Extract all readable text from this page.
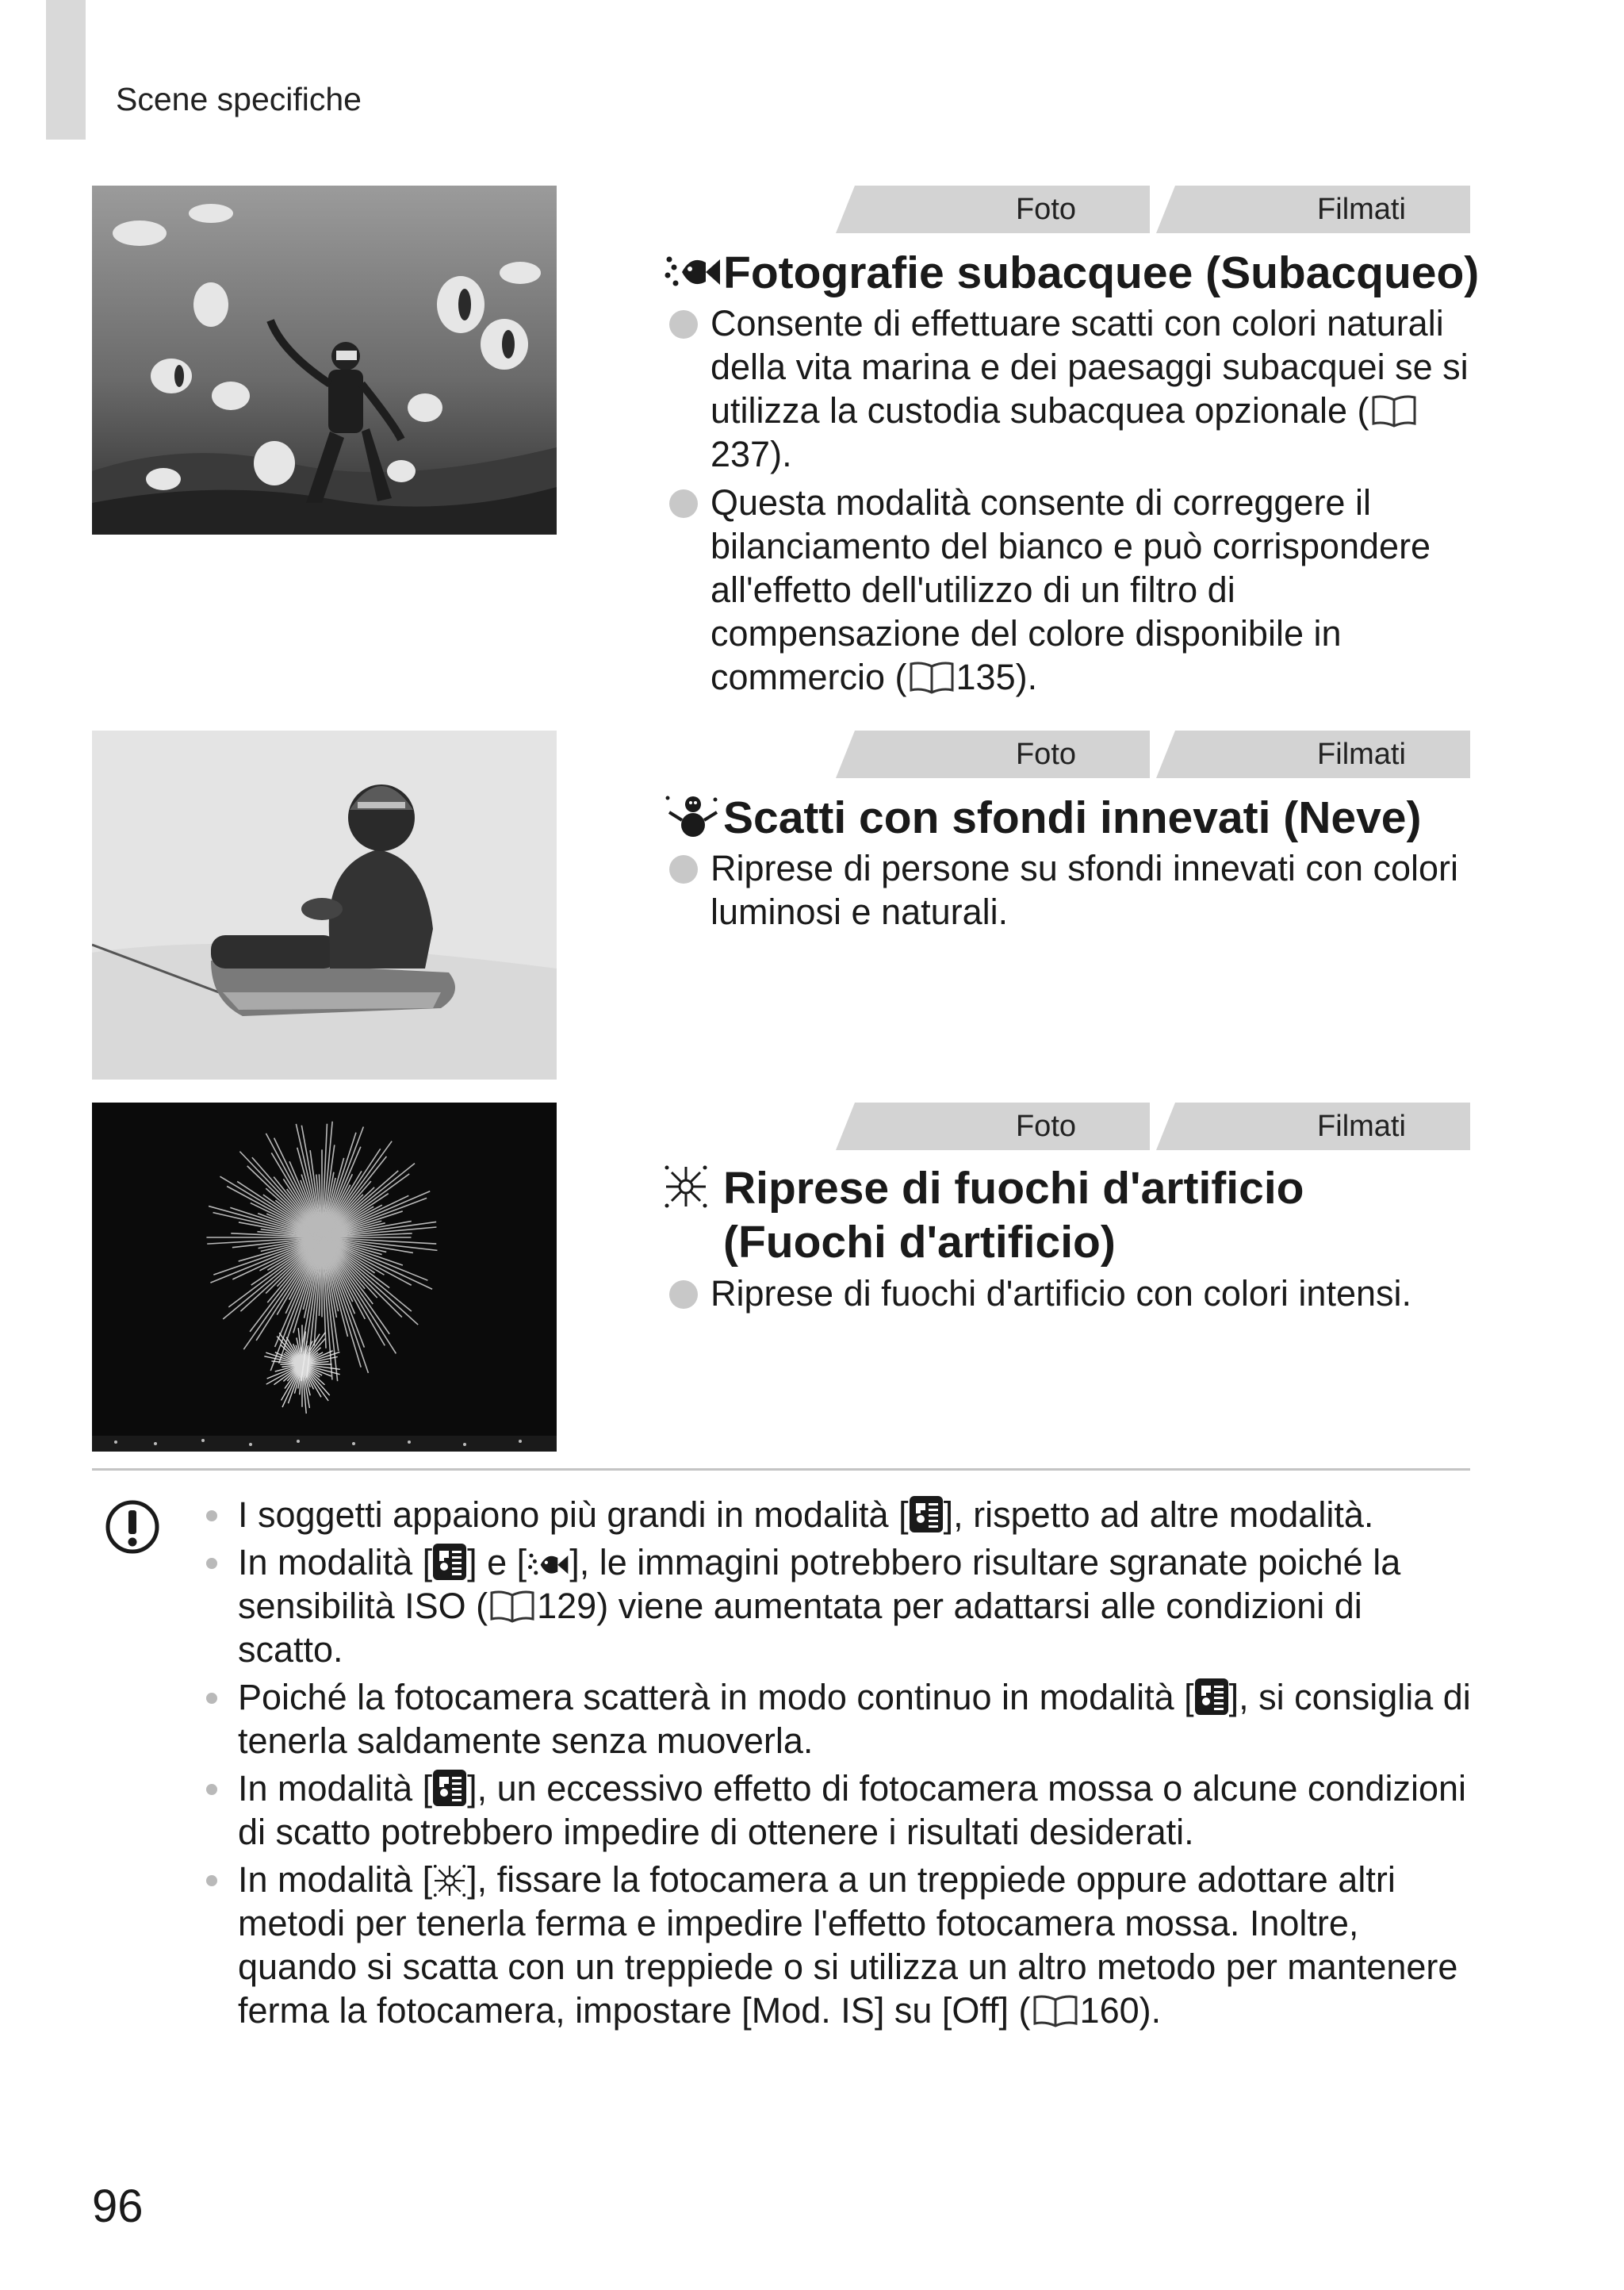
Scene specifiche
Foto	Filmati
Fotografie subacquee (Subacqueo)
Consente di effettuare scatti con colori naturali della vita marina e dei paesaggi subacquei se si utilizza la custodia subacquea opzionale (237).
Questa modalità consente di correggere il bilanciamento del bianco e può corrispondere all'effetto dell'utilizzo di un filtro di compensazione del colore disponibile in commercio ( 135).
Foto	Filmati
Scatti con sfondi innevati (Neve)
Riprese di persone su sfondi innevati con colori luminosi e naturali.
Foto	Filmati
Riprese di fuochi d'artificio
(Fuochi d'artificio)
Riprese di fuochi d'artificio con colori intensi.
I soggetti appaiono più grandi in modalità [ ], rispetto ad altre modalità.
In modalità [ ] e [ ], le immagini potrebbero risultare sgranate poiché la sensibilità ISO ( 129) viene aumentata per adattarsi alle condizioni di scatto.
Poiché la fotocamera scatterà in modo continuo in modalità [ ], si consiglia di tenerla saldamente senza muoverla.
In modalità [ ], un eccessivo effetto di fotocamera mossa o alcune condizioni di scatto potrebbero impedire di ottenere i risultati desiderati.
In modalità [ ], fissare la fotocamera a un treppiede oppure adottare altri metodi per tenerla ferma e impedire l'effetto fotocamera mossa. Inoltre, quando si scatta con un treppiede o si utilizza un altro metodo per mantenere ferma la fotocamera, impostare [Mod. IS] su [Off] ( 160).
96
